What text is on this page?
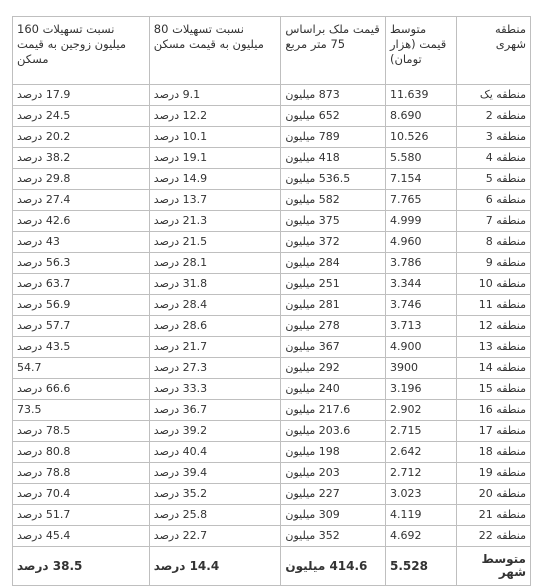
منطقه شهری	متوسط قیمت (هزار تومان)	قیمت ملک براساس 75 متر مربع	نسبت تسهیلات 80 میلیون به قیمت مسکن	نسبت تسهیلات 160 میلیون زوجین به قیمت مسکن
منطقه یک	11.639	873 میلیون	9.1 درصد	17.9 درصد
منطقه 2	8.690	652 میلیون	12.2 درصد	24.5 درصد
منطقه 3	10.526	789 میلیون	10.1 درصد	20.2 درصد
منطقه 4	5.580	418 میلیون	19.1 درصد	38.2 درصد
منطقه 5	7.154	536.5 میلیون	14.9 درصد	29.8 درصد
منطقه 6	7.765	582 میلیون	13.7 درصد	27.4 درصد
منطقه 7	4.999	375 میلیون	21.3 درصد	42.6 درصد
منطقه 8	4.960	372 میلیون	21.5 درصد	43 درصد
منطقه 9	3.786	284 میلیون	28.1 درصد	56.3 درصد
منطقه 10	3.344	251 میلیون	31.8 درصد	63.7 درصد
منطقه 11	3.746	281 میلیون	28.4 درصد	56.9 درصد
منطقه 12	3.713	278 میلیون	28.6 درصد	57.7 درصد
منطقه 13	4.900	367 میلیون	21.7 درصد	43.5 درصد
منطقه 14	3900	292 میلیون	27.3 درصد	54.7
منطقه 15	3.196	240 میلیون	33.3 درصد	66.6 درصد
منطقه 16	2.902	217.6 میلیون	36.7 درصد	73.5
منطقه 17	2.715	203.6 میلیون	39.2 درصد	78.5 درصد
منطقه 18	2.642	198 میلیون	40.4 درصد	80.8 درصد
منطقه 19	2.712	203 میلیون	39.4 درصد	78.8 درصد
منطقه 20	3.023	227 میلیون	35.2 درصد	70.4 درصد
منطقه 21	4.119	309 میلیون	25.8 درصد	51.7 درصد
منطقه 22	4.692	352 میلیون	22.7 درصد	45.4 درصد
متوسط شهر	5.528	414.6 میلیون	14.4 درصد	38.5 درصد
